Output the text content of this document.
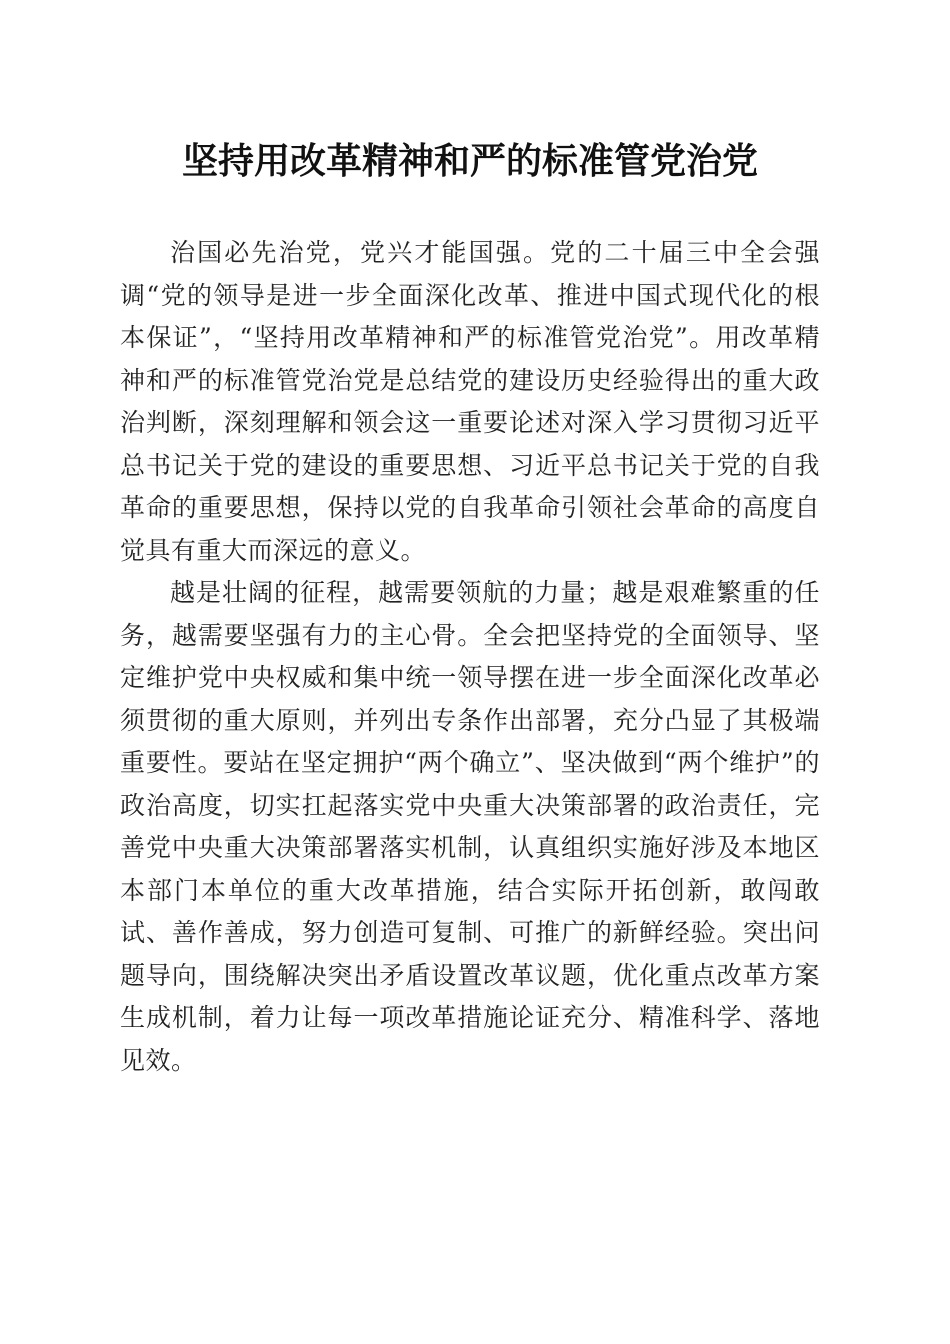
坚持用改革精神和严的标准管党治党

治国必先治党，党兴才能国强。党的二十届三中全会强调“党的领导是进一步全面深化改革、推进中国式现代化的根本保证”，“坚持用改革精神和严的标准管党治党”。用改革精神和严的标准管党治党是总结党的建设历史经验得出的重大政治判断，深刻理解和领会这一重要论述对深入学习贯彻习近平总书记关于党的建设的重要思想、习近平总书记关于党的自我革命的重要思想，保持以党的自我革命引领社会革命的高度自觉具有重大而深远的意义。

越是壮阔的征程，越需要领航的力量；越是艰难繁重的任务，越需要坚强有力的主心骨。全会把坚持党的全面领导、坚定维护党中央权威和集中统一领导摆在进一步全面深化改革必须贯彻的重大原则，并列出专条作出部署，充分凸显了其极端重要性。要站在坚定拥护“两个确立”、坚决做到“两个维护”的政治高度，切实扛起落实党中央重大决策部署的政治责任，完善党中央重大决策部署落实机制，认真组织实施好涉及本地区本部门本单位的重大改革措施，结合实际开拓创新，敢闯敢试、善作善成，努力创造可复制、可推广的新鲜经验。突出问题导向，围绕解决突出矛盾设置改革议题，优化重点改革方案生成机制，着力让每一项改革措施论证充分、精准科学、落地见效。
